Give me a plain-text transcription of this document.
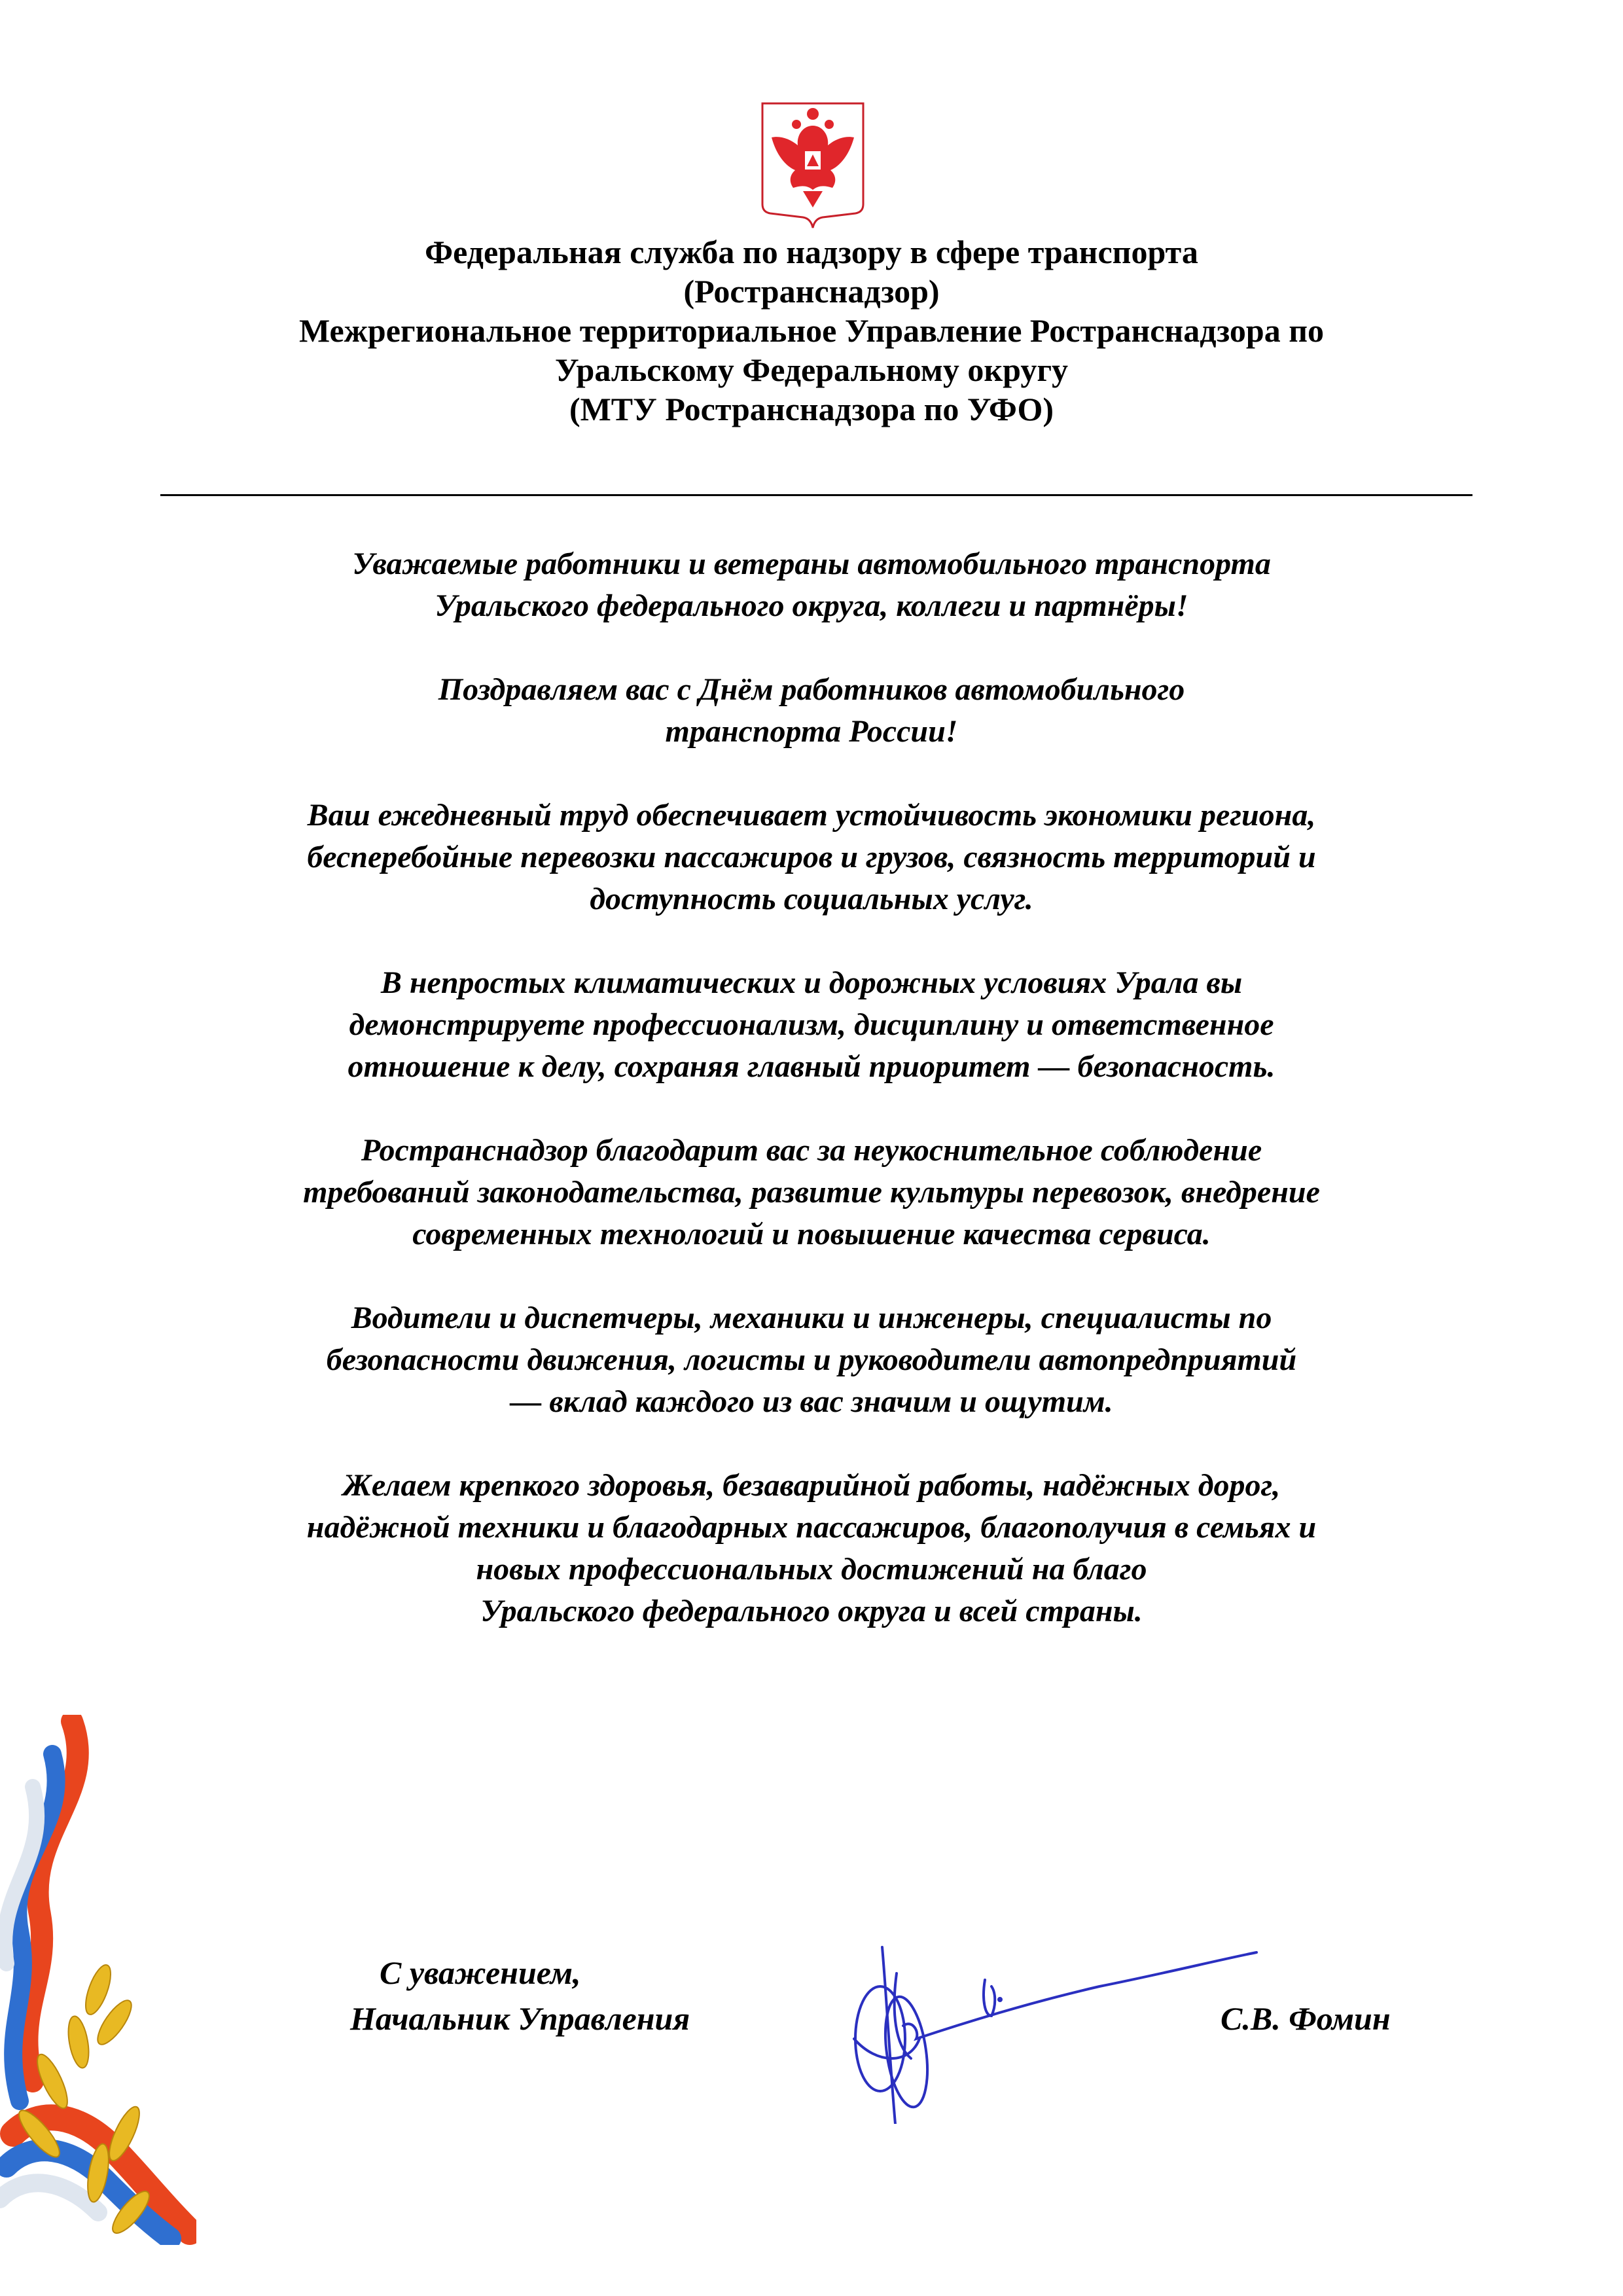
Федеральная служба по надзору в сфере транспорта
(Ространснадзор)
Межрегиональное территориальное Управление Ространснадзора по
Уральскому Федеральному округу
(МТУ Ространснадзора по УФО)

Уважаемые работники и ветераны автомобильного транспорта
Уральского федерального округа, коллеги и партнёры!

Поздравляем вас с Днём работников автомобильного
транспорта России!

Ваш ежедневный труд обеспечивает устойчивость экономики региона,
бесперебойные перевозки пассажиров и грузов, связность территорий и
доступность социальных услуг.

В непростых климатических и дорожных условиях Урала вы
демонстрируете профессионализм, дисциплину и ответственное
отношение к делу, сохраняя главный приоритет — безопасность.

Ространснадзор благодарит вас за неукоснительное соблюдение
требований законодательства, развитие культуры перевозок, внедрение
современных технологий и повышение качества сервиса.

Водители и диспетчеры, механики и инженеры, специалисты по
безопасности движения, логисты и руководители автопредприятий
— вклад каждого из вас значим и ощутим.

Желаем крепкого здоровья, безаварийной работы, надёжных дорог,
надёжной техники и благодарных пассажиров, благополучия в семьях и
новых профессиональных достижений на благо
Уральского федерального округа и всей страны.

С уважением,
Начальник Управления	С.В. Фомин
